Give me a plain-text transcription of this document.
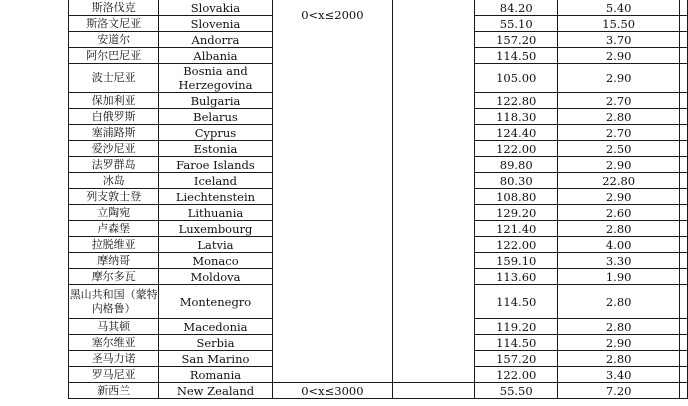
斯洛伐克	Slovakia	0<x≤2000		84.20	5.40	
斯洛文尼亚	Slovenia			55.10	15.50	
安道尔	Andorra			157.20	3.70	
阿尔巴尼亚	Albania			114.50	2.90	
波士尼亚	Bosnia and Herzegovina			105.00	2.90	
保加利亚	Bulgaria			122.80	2.70	
白俄罗斯	Belarus			118.30	2.80	
塞浦路斯	Cyprus			124.40	2.70	
爱沙尼亚	Estonia			122.00	2.50	
法罗群岛	Faroe Islands			89.80	2.90	
冰岛	Iceland			80.30	22.80	
列支敦士登	Liechtenstein			108.80	2.90	
立陶宛	Lithuania			129.20	2.60	
卢森堡	Luxembourg			121.40	2.80	
拉脱维亚	Latvia			122.00	4.00	
摩纳哥	Monaco			159.10	3.30	
摩尔多瓦	Moldova			113.60	1.90	
黑山共和国（蒙特内格鲁）	Montenegro			114.50	2.80	
马其顿	Macedonia			119.20	2.80	
塞尔维亚	Serbia			114.50	2.90	
圣马力诺	San Marino			157.20	2.80	
罗马尼亚	Romania			122.00	3.40	
新西兰	New Zealand	0<x≤3000		55.50	7.20	
